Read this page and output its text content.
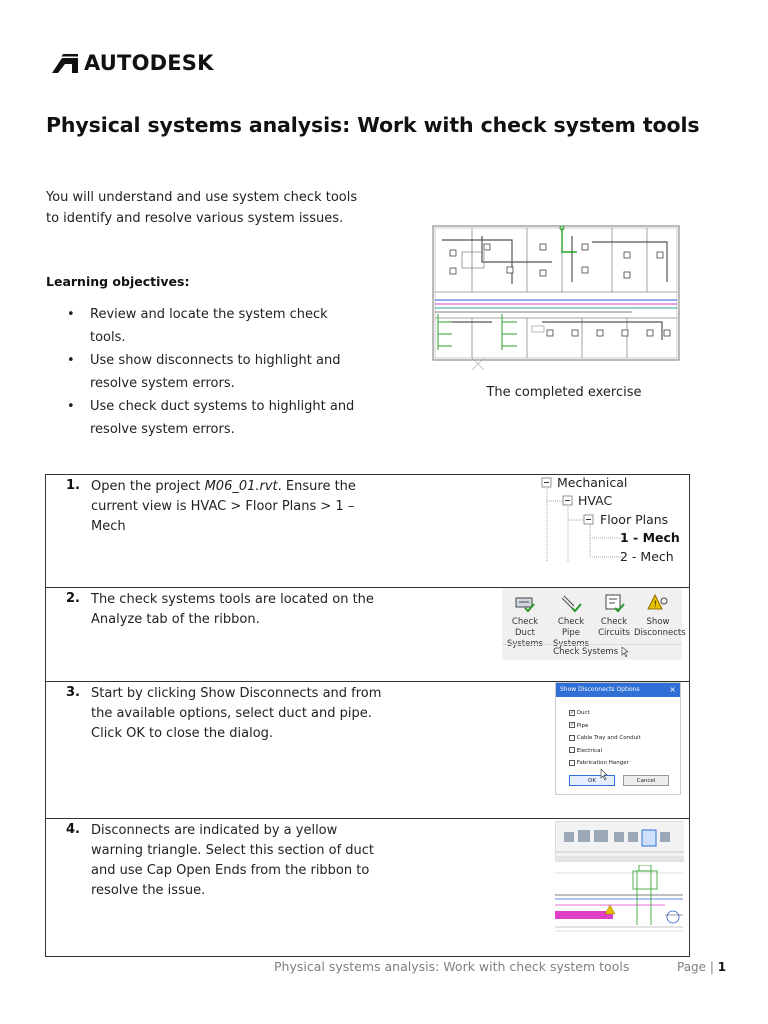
AUTODESK
Physical systems analysis: Work with check system tools
You will understand and use system check tools
to identify and resolve various system issues.
Learning objectives:
• Review and locate the system check
tools.
• Use show disconnects to highlight and
resolve system errors.
• Use check duct systems to highlight and
resolve system errors.
The completed exercise
1. Open the project M06_01.rvt. Ensure the current view is HVAC > Floor Plans > 1 – Mech
Mechanical
HVAC
Floor Plans
1 - Mech
2 - Mech
2. The check systems tools are located on the Analyze tab of the ribbon.	Check Duct
Systems
Check Pipe
Systems
Check
Circuits
!
Show
Disconnects
Check Systems
3. Start by clicking Show Disconnects and from the available options, select duct and pipe. Click OK to close the dialog.
Show Disconnects Options	×
✓ Duct
✓ Pipe
Cable Tray and Conduit
Electrical
Fabrication Hanger
OK	Cancel
4. Disconnects are indicated by a yellow warning triangle. Select this section of duct and use Cap Open Ends from the ribbon to resolve the issue.
Physical systems analysis: Work with check system tools	Page | 1
